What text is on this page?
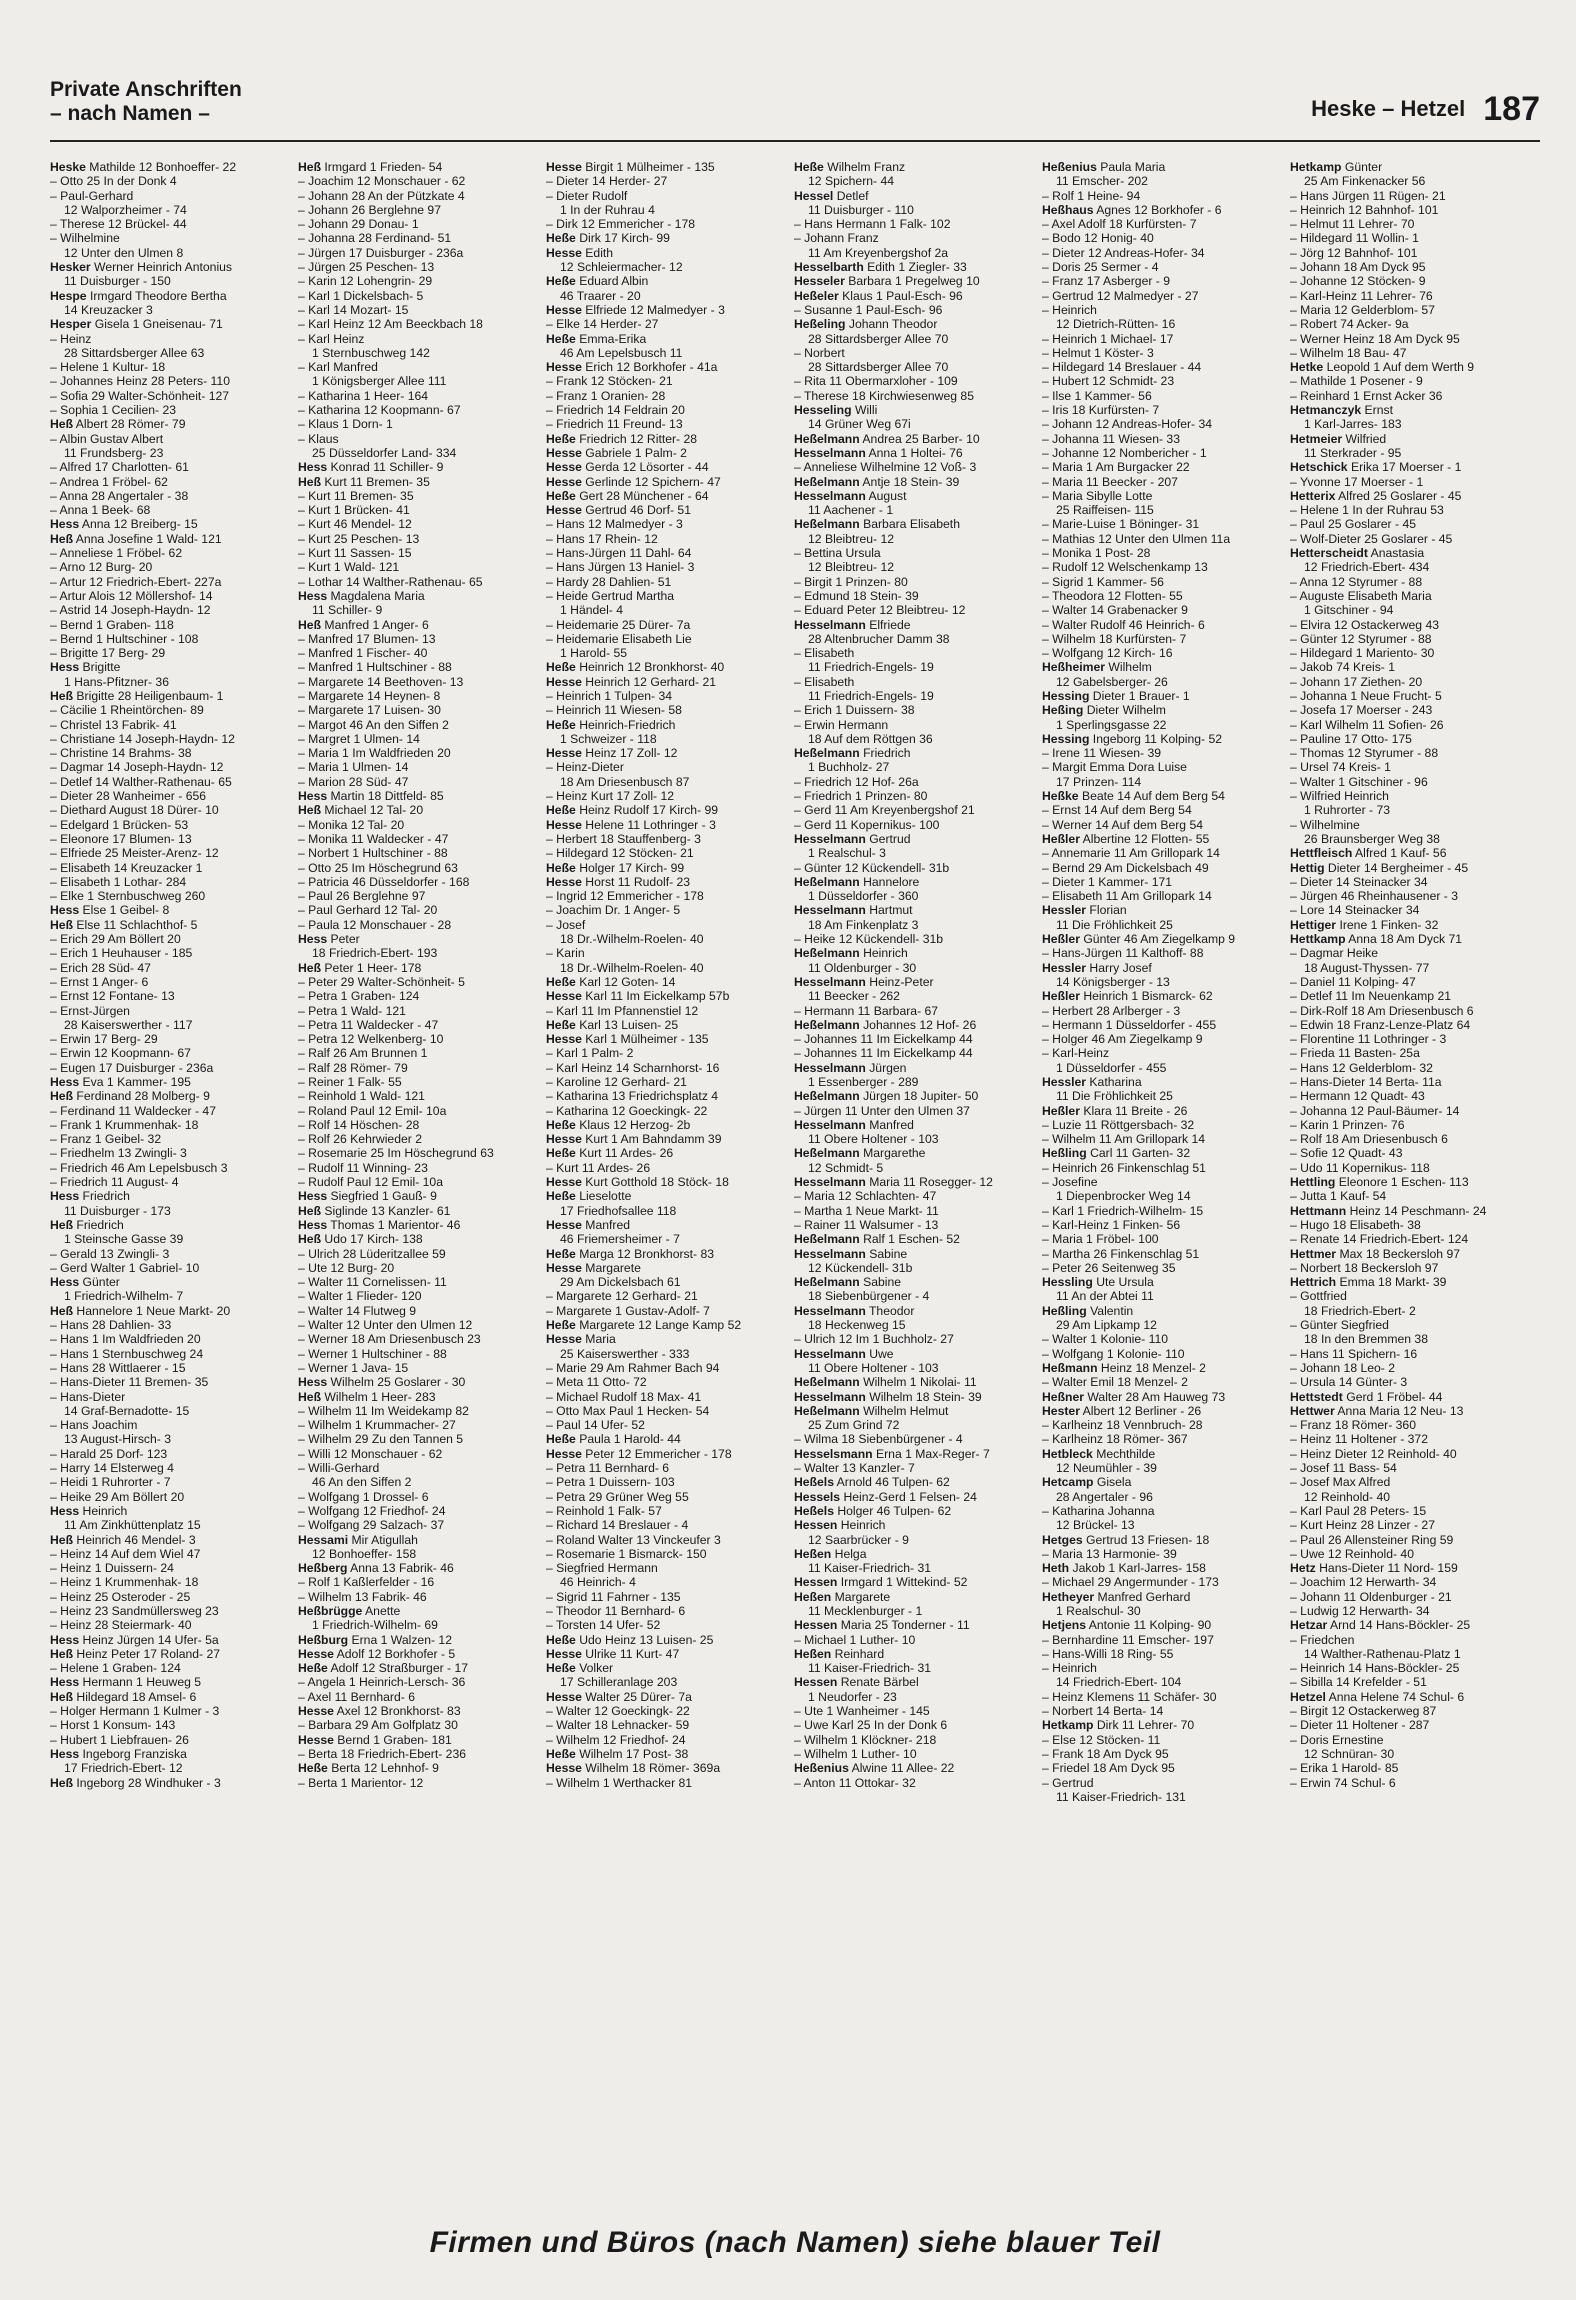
Private Anschriften
– nach Namen –	Heske – Hetzel 187
Heske Mathilde 12 Bonhoeffer- 22
– Otto 25 In der Donk 4
– Paul-Gerhard
12 Walporzheimer - 74
– Therese 12 Brückel- 44
– Wilhelmine
12 Unter den Ulmen 8
Hesker Werner Heinrich Antonius
11 Duisburger - 150
Hespe Irmgard Theodore Bertha
14 Kreuzacker 3
Hesper Gisela 1 Gneisenau- 71
– Heinz
28 Sittardsberger Allee 63
– Helene 1 Kultur- 18
– Johannes Heinz 28 Peters- 110
– Sofia 29 Walter-Schönheit- 127
– Sophia 1 Cecilien- 23
Heß Albert 28 Römer- 79
– Albin Gustav Albert
11 Frundsberg- 23
– Alfred 17 Charlotten- 61
– Andrea 1 Fröbel- 62
– Anna 28 Angertaler - 38
– Anna 1 Beek- 68
Hess Anna 12 Breiberg- 15
Heß Anna Josefine 1 Wald- 121
– Anneliese 1 Fröbel- 62
– Arno 12 Burg- 20
– Artur 12 Friedrich-Ebert- 227a
– Artur Alois 12 Möllershof- 14
– Astrid 14 Joseph-Haydn- 12
– Bernd 1 Graben- 118
– Bernd 1 Hultschiner - 108
– Brigitte 17 Berg- 29
Hess Brigitte
1 Hans-Pfitzner- 36
Heß Brigitte 28 Heiligenbaum- 1
– Cäcilie 1 Rheintörchen- 89
– Christel 13 Fabrik- 41
– Christiane 14 Joseph-Haydn- 12
– Christine 14 Brahms- 38
– Dagmar 14 Joseph-Haydn- 12
– Detlef 14 Walther-Rathenau- 65
– Dieter 28 Wanheimer - 656
– Diethard August 18 Dürer- 10
– Edelgard 1 Brücken- 53
– Eleonore 17 Blumen- 13
– Elfriede 25 Meister-Arenz- 12
– Elisabeth 14 Kreuzacker 1
– Elisabeth 1 Lothar- 284
– Elke 1 Sternbuschweg 260
Hess Else 1 Geibel- 8
Heß Else 11 Schlachthof- 5
– Erich 29 Am Böllert 20
– Erich 1 Heuhauser - 185
– Erich 28 Süd- 47
– Ernst 1 Anger- 6
– Ernst 12 Fontane- 13
– Ernst-Jürgen
28 Kaiserswerther - 117
– Erwin 17 Berg- 29
– Erwin 12 Koopmann- 67
– Eugen 17 Duisburger - 236a
Hess Eva 1 Kammer- 195
Heß Ferdinand 28 Molberg- 9
– Ferdinand 11 Waldecker - 47
– Frank 1 Krummenhak- 18
– Franz 1 Geibel- 32
– Friedhelm 13 Zwingli- 3
– Friedrich 46 Am Lepelsbusch 3
– Friedrich 11 August- 4
Hess Friedrich
11 Duisburger - 173
Heß Friedrich
1 Steinsche Gasse 39
– Gerald 13 Zwingli- 3
– Gerd Walter 1 Gabriel- 10
Hess Günter
1 Friedrich-Wilhelm- 7
Heß Hannelore 1 Neue Markt- 20
– Hans 28 Dahlien- 33
– Hans 1 Im Waldfrieden 20
– Hans 1 Sternbuschweg 24
– Hans 28 Wittlaerer - 15
– Hans-Dieter 11 Bremen- 35
– Hans-Dieter
14 Graf-Bernadotte- 15
– Hans Joachim
13 August-Hirsch- 3
– Harald 25 Dorf- 123
– Harry 14 Elsterweg 4
– Heidi 1 Ruhrorter - 7
– Heike 29 Am Böllert 20
Hess Heinrich
11 Am Zinkhüttenplatz 15
Heß Heinrich 46 Mendel- 3
– Heinz 14 Auf dem Wiel 47
– Heinz 1 Duissern- 24
– Heinz 1 Krummenhak- 18
– Heinz 25 Osteroder - 25
– Heinz 23 Sandmüllersweg 23
– Heinz 28 Steiermark- 40
Hess Heinz Jürgen 14 Ufer- 5a
Heß Heinz Peter 17 Roland- 27
– Helene 1 Graben- 124
Hess Hermann 1 Heuweg 5
Heß Hildegard 18 Amsel- 6
– Holger Hermann 1 Kulmer - 3
– Horst 1 Konsum- 143
– Hubert 1 Liebfrauen- 26
Hess Ingeborg Franziska
17 Friedrich-Ebert- 12
Heß Ingeborg 28 Windhuker - 3
Heß Irmgard 1 Frieden- 54
– Joachim 12 Monschauer - 62
– Johann 28 An der Pützkate 4
– Johann 26 Berglehne 97
– Johann 29 Donau- 1
– Johanna 28 Ferdinand- 51
– Jürgen 17 Duisburger - 236a
– Jürgen 25 Peschen- 13
– Karin 12 Lohengrin- 29
– Karl 1 Dickelsbach- 5
– Karl 14 Mozart- 15
– Karl Heinz 12 Am Beeckbach 18
– Karl Heinz
1 Sternbuschweg 142
– Karl Manfred
1 Königsberger Allee 111
– Katharina 1 Heer- 164
– Katharina 12 Koopmann- 67
– Klaus 1 Dorn- 1
– Klaus
25 Düsseldorfer Land- 334
Hess Konrad 11 Schiller- 9
Heß Kurt 11 Bremen- 35
– Kurt 11 Bremen- 35
– Kurt 1 Brücken- 41
– Kurt 46 Mendel- 12
– Kurt 25 Peschen- 13
– Kurt 11 Sassen- 15
– Kurt 1 Wald- 121
– Lothar 14 Walther-Rathenau- 65
Hess Magdalena Maria
11 Schiller- 9
Heß Manfred 1 Anger- 6
– Manfred 17 Blumen- 13
– Manfred 1 Fischer- 40
– Manfred 1 Hultschiner - 88
– Margarete 14 Beethoven- 13
– Margarete 14 Heynen- 8
– Margarete 17 Luisen- 30
– Margot 46 An den Siffen 2
– Margret 1 Ulmen- 14
– Maria 1 Im Waldfrieden 20
– Maria 1 Ulmen- 14
– Marion 28 Süd- 47
Hess Martin 18 Dittfeld- 85
Heß Michael 12 Tal- 20
– Monika 12 Tal- 20
– Monika 11 Waldecker - 47
– Norbert 1 Hultschiner - 88
– Otto 25 Im Höschegrund 63
– Patricia 46 Düsseldorfer - 168
– Paul 26 Berglehne 97
– Paul Gerhard 12 Tal- 20
– Paula 12 Monschauer - 28
Hess Peter
18 Friedrich-Ebert- 193
Heß Peter 1 Heer- 178
– Peter 29 Walter-Schönheit- 5
– Petra 1 Graben- 124
– Petra 1 Wald- 121
– Petra 11 Waldecker - 47
– Petra 12 Welkenberg- 10
– Ralf 26 Am Brunnen 1
– Ralf 28 Römer- 79
– Reiner 1 Falk- 55
– Reinhold 1 Wald- 121
– Roland Paul 12 Emil- 10a
– Rolf 14 Höschen- 28
– Rolf 26 Kehrwieder 2
– Rosemarie 25 Im Höschegrund 63
– Rudolf 11 Winning- 23
– Rudolf Paul 12 Emil- 10a
Hess Siegfried 1 Gauß- 9
Heß Siglinde 13 Kanzler- 61
Hess Thomas 1 Marientor- 46
Heß Udo 17 Kirch- 138
– Ulrich 28 Lüderitzallee 59
– Ute 12 Burg- 20
– Walter 11 Cornelissen- 11
– Walter 1 Flieder- 120
– Walter 14 Flutweg 9
– Walter 12 Unter den Ulmen 12
– Werner 18 Am Driesenbusch 23
– Werner 1 Hultschiner - 88
– Werner 1 Java- 15
Hess Wilhelm 25 Goslarer - 30
Heß Wilhelm 1 Heer- 283
– Wilhelm 11 Im Weidekamp 82
– Wilhelm 1 Krummacher- 27
– Wilhelm 29 Zu den Tannen 5
– Willi 12 Monschauer - 62
– Willi-Gerhard
46 An den Siffen 2
– Wolfgang 1 Drossel- 6
– Wolfgang 12 Friedhof- 24
– Wolfgang 29 Salzach- 37
Hessami Mir Atigullah
12 Bonhoeffer- 158
Heßberg Anna 13 Fabrik- 46
– Rolf 1 Kaßlerfelder - 16
– Wilhelm 13 Fabrik- 46
Heßbrügge Anette
1 Friedrich-Wilhelm- 69
Heßburg Erna 1 Walzen- 12
Hesse Adolf 12 Borkhofer - 5
Heße Adolf 12 Straßburger - 17
– Angela 1 Heinrich-Lersch- 36
– Axel 11 Bernhard- 6
Hesse Axel 12 Bronkhorst- 83
– Barbara 29 Am Golfplatz 30
Hesse Bernd 1 Graben- 181
– Berta 18 Friedrich-Ebert- 236
Heße Berta 12 Lehnhof- 9
– Berta 1 Marientor- 12
Hesse Birgit 1 Mülheimer - 135
– Dieter 14 Herder- 27
– Dieter Rudolf
1 In der Ruhrau 4
– Dirk 12 Emmericher - 178
Heße Dirk 17 Kirch- 99
Hesse Edith
12 Schleiermacher- 12
Heße Eduard Albin
46 Traarer - 20
Hesse Elfriede 12 Malmedyer - 3
– Elke 14 Herder- 27
Heße Emma-Erika
46 Am Lepelsbusch 11
Hesse Erich 12 Borkhofer - 41a
– Frank 12 Stöcken- 21
– Franz 1 Oranien- 28
– Friedrich 14 Feldrain 20
– Friedrich 11 Freund- 13
Heße Friedrich 12 Ritter- 28
Hesse Gabriele 1 Palm- 2
Hesse Gerda 12 Lösorter - 44
Hesse Gerlinde 12 Spichern- 47
Heße Gert 28 Münchener - 64
Hesse Gertrud 46 Dorf- 51
– Hans 12 Malmedyer - 3
– Hans 17 Rhein- 12
– Hans-Jürgen 11 Dahl- 64
– Hans Jürgen 13 Haniel- 3
– Hardy 28 Dahlien- 51
– Heide Gertrud Martha
1 Händel- 4
– Heidemarie 25 Dürer- 7a
– Heidemarie Elisabeth Lie
1 Harold- 55
Heße Heinrich 12 Bronkhorst- 40
Hesse Heinrich 12 Gerhard- 21
– Heinrich 1 Tulpen- 34
– Heinrich 11 Wiesen- 58
Heße Heinrich-Friedrich
1 Schweizer - 118
Hesse Heinz 17 Zoll- 12
– Heinz-Dieter
18 Am Driesenbusch 87
– Heinz Kurt 17 Zoll- 12
Heße Heinz Rudolf 17 Kirch- 99
Hesse Helene 11 Lothringer - 3
– Herbert 18 Stauffenberg- 3
– Hildegard 12 Stöcken- 21
Heße Holger 17 Kirch- 99
Hesse Horst 11 Rudolf- 23
– Ingrid 12 Emmericher - 178
– Joachim Dr. 1 Anger- 5
– Josef
18 Dr.-Wilhelm-Roelen- 40
– Karin
18 Dr.-Wilhelm-Roelen- 40
Heße Karl 12 Goten- 14
Hesse Karl 11 Im Eickelkamp 57b
– Karl 11 Im Pfannenstiel 12
Heße Karl 13 Luisen- 25
Hesse Karl 1 Mülheimer - 135
– Karl 1 Palm- 2
– Karl Heinz 14 Scharnhorst- 16
– Karoline 12 Gerhard- 21
– Katharina 13 Friedrichsplatz 4
– Katharina 12 Goeckingk- 22
Heße Klaus 12 Herzog- 2b
Hesse Kurt 1 Am Bahndamm 39
Heße Kurt 11 Ardes- 26
– Kurt 11 Ardes- 26
Hesse Kurt Gotthold 18 Stöck- 18
Heße Lieselotte
17 Friedhofsallee 118
Hesse Manfred
46 Friemersheimer - 7
Heße Marga 12 Bronkhorst- 83
Hesse Margarete
29 Am Dickelsbach 61
– Margarete 12 Gerhard- 21
– Margarete 1 Gustav-Adolf- 7
Heße Margarete 12 Lange Kamp 52
Hesse Maria
25 Kaiserswerther - 333
– Marie 29 Am Rahmer Bach 94
– Meta 11 Otto- 72
– Michael Rudolf 18 Max- 41
– Otto Max Paul 1 Hecken- 54
– Paul 14 Ufer- 52
Heße Paula 1 Harold- 44
Hesse Peter 12 Emmericher - 178
– Petra 11 Bernhard- 6
– Petra 1 Duissern- 103
– Petra 29 Grüner Weg 55
– Reinhold 1 Falk- 57
– Richard 14 Breslauer - 4
– Roland Walter 13 Vinckeufer 3
– Rosemarie 1 Bismarck- 150
– Siegfried Hermann
46 Heinrich- 4
– Sigrid 11 Fahrner - 135
– Theodor 11 Bernhard- 6
– Torsten 14 Ufer- 52
Heße Udo Heinz 13 Luisen- 25
Hesse Ulrike 11 Kurt- 47
Heße Volker
17 Schilleranlage 203
Hesse Walter 25 Dürer- 7a
– Walter 12 Goeckingk- 22
– Walter 18 Lehnacker- 59
– Wilhelm 12 Friedhof- 24
Heße Wilhelm 17 Post- 38
Hesse Wilhelm 18 Römer- 369a
– Wilhelm 1 Werthacker 81
Heße Wilhelm Franz
12 Spichern- 44
Hessel Detlef
11 Duisburger - 110
– Hans Hermann 1 Falk- 102
– Johann Franz
11 Am Kreyenbergshof 2a
Hesselbarth Edith 1 Ziegler- 33
Hesseler Barbara 1 Pregelweg 10
Heßeler Klaus 1 Paul-Esch- 96
– Susanne 1 Paul-Esch- 96
Heßeling Johann Theodor
28 Sittardsberger Allee 70
– Norbert
28 Sittardsberger Allee 70
– Rita 11 Obermarxloher - 109
– Therese 18 Kirchwiesenweg 85
Hesseling Willi
14 Grüner Weg 67i
Heßelmann Andrea 25 Barber- 10
Hesselmann Anna 1 Holtei- 76
– Anneliese Wilhelmine 12 Voß- 3
Heßelmann Antje 18 Stein- 39
Hesselmann August
11 Aachener - 1
Heßelmann Barbara Elisabeth
12 Bleibtreu- 12
– Bettina Ursula
12 Bleibtreu- 12
– Birgit 1 Prinzen- 80
– Edmund 18 Stein- 39
– Eduard Peter 12 Bleibtreu- 12
Hesselmann Elfriede
28 Altenbrucher Damm 38
– Elisabeth
11 Friedrich-Engels- 19
– Elisabeth
11 Friedrich-Engels- 19
– Erich 1 Duissern- 38
– Erwin Hermann
18 Auf dem Röttgen 36
Heßelmann Friedrich
1 Buchholz- 27
– Friedrich 12 Hof- 26a
– Friedrich 1 Prinzen- 80
– Gerd 11 Am Kreyenbergshof 21
– Gerd 11 Kopernikus- 100
Hesselmann Gertrud
1 Realschul- 3
– Günter 12 Kückendell- 31b
Heßelmann Hannelore
1 Düsseldorfer - 360
Hesselmann Hartmut
18 Am Finkenplatz 3
– Heike 12 Kückendell- 31b
Heßelmann Heinrich
11 Oldenburger - 30
Hesselmann Heinz-Peter
11 Beecker - 262
– Hermann 11 Barbara- 67
Heßelmann Johannes 12 Hof- 26
– Johannes 11 Im Eickelkamp 44
– Johannes 11 Im Eickelkamp 44
Hesselmann Jürgen
1 Essenberger - 289
Heßelmann Jürgen 18 Jupiter- 50
– Jürgen 11 Unter den Ulmen 37
Hesselmann Manfred
11 Obere Holtener - 103
Heßelmann Margarethe
12 Schmidt- 5
Hesselmann Maria 11 Rosegger- 12
– Maria 12 Schlachten- 47
– Martha 1 Neue Markt- 11
– Rainer 11 Walsumer - 13
Heßelmann Ralf 1 Eschen- 52
Hesselmann Sabine
12 Kückendell- 31b
Heßelmann Sabine
18 Siebenbürgener - 4
Hesselmann Theodor
18 Heckenweg 15
– Ulrich 12 Im 1 Buchholz- 27
Hesselmann Uwe
11 Obere Holtener - 103
Heßelmann Wilhelm 1 Nikolai- 11
Hesselmann Wilhelm 18 Stein- 39
Heßelmann Wilhelm Helmut
25 Zum Grind 72
– Wilma 18 Siebenbürgener - 4
Hesselsmann Erna 1 Max-Reger- 7
– Walter 13 Kanzler- 7
Heßels Arnold 46 Tulpen- 62
Hessels Heinz-Gerd 1 Felsen- 24
Heßels Holger 46 Tulpen- 62
Hessen Heinrich
12 Saarbrücker - 9
Heßen Helga
11 Kaiser-Friedrich- 31
Hessen Irmgard 1 Wittekind- 52
Heßen Margarete
11 Mecklenburger - 1
Hessen Maria 25 Tonderner - 11
– Michael 1 Luther- 10
Heßen Reinhard
11 Kaiser-Friedrich- 31
Hessen Renate Bärbel
1 Neudorfer - 23
– Ute 1 Wanheimer - 145
– Uwe Karl 25 In der Donk 6
– Wilhelm 1 Klöckner- 218
– Wilhelm 1 Luther- 10
Heßenius Alwine 11 Allee- 22
– Anton 11 Ottokar- 32
Heßenius Paula Maria
11 Emscher- 202
– Rolf 1 Heine- 94
Heßhaus Agnes 12 Borkhofer - 6
– Axel Adolf 18 Kurfürsten- 7
– Bodo 12 Honig- 40
– Dieter 12 Andreas-Hofer- 34
– Doris 25 Sermer - 4
– Franz 17 Asberger - 9
– Gertrud 12 Malmedyer - 27
– Heinrich
12 Dietrich-Rütten- 16
– Heinrich 1 Michael- 17
– Helmut 1 Köster- 3
– Hildegard 14 Breslauer - 44
– Hubert 12 Schmidt- 23
– Ilse 1 Kammer- 56
– Iris 18 Kurfürsten- 7
– Johann 12 Andreas-Hofer- 34
– Johanna 11 Wiesen- 33
– Johanne 12 Nombericher - 1
– Maria 1 Am Burgacker 22
– Maria 11 Beecker - 207
– Maria Sibylle Lotte
25 Raiffeisen- 115
– Marie-Luise 1 Böninger- 31
– Mathias 12 Unter den Ulmen 11a
– Monika 1 Post- 28
– Rudolf 12 Welschenkamp 13
– Sigrid 1 Kammer- 56
– Theodora 12 Flotten- 55
– Walter 14 Grabenacker 9
– Walter Rudolf 46 Heinrich- 6
– Wilhelm 18 Kurfürsten- 7
– Wolfgang 12 Kirch- 16
Heßheimer Wilhelm
12 Gabelsberger- 26
Hessing Dieter 1 Brauer- 1
Heßing Dieter Wilhelm
1 Sperlingsgasse 22
Hessing Ingeborg 11 Kolping- 52
– Irene 11 Wiesen- 39
– Margit Emma Dora Luise
17 Prinzen- 114
Heßke Beate 14 Auf dem Berg 54
– Ernst 14 Auf dem Berg 54
– Werner 14 Auf dem Berg 54
Heßler Albertine 12 Flotten- 55
– Annemarie 11 Am Grillopark 14
– Bernd 29 Am Dickelsbach 49
– Dieter 1 Kammer- 171
– Elisabeth 11 Am Grillopark 14
Hessler Florian
11 Die Fröhlichkeit 25
Heßler Günter 46 Am Ziegelkamp 9
– Hans-Jürgen 11 Kalthoff- 88
Hessler Harry Josef
14 Königsberger - 13
Heßler Heinrich 1 Bismarck- 62
– Herbert 28 Arlberger - 3
– Hermann 1 Düsseldorfer - 455
– Holger 46 Am Ziegelkamp 9
– Karl-Heinz
1 Düsseldorfer - 455
Hessler Katharina
11 Die Fröhlichkeit 25
Heßler Klara 11 Breite - 26
– Luzie 11 Röttgersbach- 32
– Wilhelm 11 Am Grillopark 14
Heßling Carl 11 Garten- 32
– Heinrich 26 Finkenschlag 51
– Josefine
1 Diepenbrocker Weg 14
– Karl 1 Friedrich-Wilhelm- 15
– Karl-Heinz 1 Finken- 56
– Maria 1 Fröbel- 100
– Martha 26 Finkenschlag 51
– Peter 26 Seitenweg 35
Hessling Ute Ursula
11 An der Abtei 11
Heßling Valentin
29 Am Lipkamp 12
– Walter 1 Kolonie- 110
– Wolfgang 1 Kolonie- 110
Heßmann Heinz 18 Menzel- 2
– Walter Emil 18 Menzel- 2
Heßner Walter 28 Am Hauweg 73
Hester Albert 12 Berliner - 26
– Karlheinz 18 Vennbruch- 28
– Karlheinz 18 Römer- 367
Hetbleck Mechthilde
12 Neumühler - 39
Hetcamp Gisela
28 Angertaler - 96
– Katharina Johanna
12 Brückel- 13
Hetges Gertrud 13 Friesen- 18
– Maria 13 Harmonie- 39
Heth Jakob 1 Karl-Jarres- 158
– Michael 29 Angermunder - 173
Hetheyer Manfred Gerhard
1 Realschul- 30
Hetjens Antonie 11 Kolping- 90
– Bernhardine 11 Emscher- 197
– Hans-Willi 18 Ring- 55
– Heinrich
14 Friedrich-Ebert- 104
– Heinz Klemens 11 Schäfer- 30
– Norbert 14 Berta- 14
Hetkamp Dirk 11 Lehrer- 70
– Else 12 Stöcken- 11
– Frank 18 Am Dyck 95
– Friedel 18 Am Dyck 95
– Gertrud
11 Kaiser-Friedrich- 131
Hetkamp Günter
25 Am Finkenacker 56
– Hans Jürgen 11 Rügen- 21
– Heinrich 12 Bahnhof- 101
– Helmut 11 Lehrer- 70
– Hildegard 11 Wollin- 1
– Jörg 12 Bahnhof- 101
– Johann 18 Am Dyck 95
– Johanne 12 Stöcken- 9
– Karl-Heinz 11 Lehrer- 76
– Maria 12 Gelderblom- 57
– Robert 74 Acker- 9a
– Werner Heinz 18 Am Dyck 95
– Wilhelm 18 Bau- 47
Hetke Leopold 1 Auf dem Werth 9
– Mathilde 1 Posener - 9
– Reinhard 1 Ernst Acker 36
Hetmanczyk Ernst
1 Karl-Jarres- 183
Hetmeier Wilfried
11 Sterkrader - 95
Hetschick Erika 17 Moerser - 1
– Yvonne 17 Moerser - 1
Hetterix Alfred 25 Goslarer - 45
– Helene 1 In der Ruhrau 53
– Paul 25 Goslarer - 45
– Wolf-Dieter 25 Goslarer - 45
Hetterscheidt Anastasia
12 Friedrich-Ebert- 434
– Anna 12 Styrumer - 88
– Auguste Elisabeth Maria
1 Gitschiner - 94
– Elvira 12 Ostackerweg 43
– Günter 12 Styrumer - 88
– Hildegard 1 Mariento- 30
– Jakob 74 Kreis- 1
– Johann 17 Ziethen- 20
– Johanna 1 Neue Frucht- 5
– Josefa 17 Moerser - 243
– Karl Wilhelm 11 Sofien- 26
– Pauline 17 Otto- 175
– Thomas 12 Styrumer - 88
– Ursel 74 Kreis- 1
– Walter 1 Gitschiner - 96
– Wilfried Heinrich
1 Ruhrorter - 73
– Wilhelmine
26 Braunsberger Weg 38
Hettfleisch Alfred 1 Kauf- 56
Hettig Dieter 14 Bergheimer - 45
– Dieter 14 Steinacker 34
– Jürgen 46 Rheinhausener - 3
– Lore 14 Steinacker 34
Hettiger Irene 1 Finken- 32
Hettkamp Anna 18 Am Dyck 71
– Dagmar Heike
18 August-Thyssen- 77
– Daniel 11 Kolping- 47
– Detlef 11 Im Neuenkamp 21
– Dirk-Rolf 18 Am Driesenbusch 6
– Edwin 18 Franz-Lenze-Platz 64
– Florentine 11 Lothringer - 3
– Frieda 11 Basten- 25a
– Hans 12 Gelderblom- 32
– Hans-Dieter 14 Berta- 11a
– Hermann 12 Quadt- 43
– Johanna 12 Paul-Bäumer- 14
– Karin 1 Prinzen- 76
– Rolf 18 Am Driesenbusch 6
– Sofie 12 Quadt- 43
– Udo 11 Kopernikus- 118
Hettling Eleonore 1 Eschen- 113
– Jutta 1 Kauf- 54
Hettmann Heinz 14 Peschmann- 24
– Hugo 18 Elisabeth- 38
– Renate 14 Friedrich-Ebert- 124
Hettmer Max 18 Beckersloh 97
– Norbert 18 Beckersloh 97
Hettrich Emma 18 Markt- 39
– Gottfried
18 Friedrich-Ebert- 2
– Günter Siegfried
18 In den Bremmen 38
– Hans 11 Spichern- 16
– Johann 18 Leo- 2
– Ursula 14 Günter- 3
Hettstedt Gerd 1 Fröbel- 44
Hettwer Anna Maria 12 Neu- 13
– Franz 18 Römer- 360
– Heinz 11 Holtener - 372
– Heinz Dieter 12 Reinhold- 40
– Josef 11 Bass- 54
– Josef Max Alfred
12 Reinhold- 40
– Karl Paul 28 Peters- 15
– Kurt Heinz 28 Linzer - 27
– Paul 26 Allensteiner Ring 59
– Uwe 12 Reinhold- 40
Hetz Hans-Dieter 11 Nord- 159
– Joachim 12 Herwarth- 34
– Johann 11 Oldenburger - 21
– Ludwig 12 Herwarth- 34
Hetzar Arnd 14 Hans-Böckler- 25
– Friedchen
14 Walther-Rathenau-Platz 1
– Heinrich 14 Hans-Böckler- 25
– Sibilla 14 Krefelder - 51
Hetzel Anna Helene 74 Schul- 6
– Birgit 12 Ostackerweg 87
– Dieter 11 Holtener - 287
– Doris Ernestine
12 Schnüran- 30
– Erika 1 Harold- 85
– Erwin 74 Schul- 6
Firmen und Büros (nach Namen) siehe blauer Teil
